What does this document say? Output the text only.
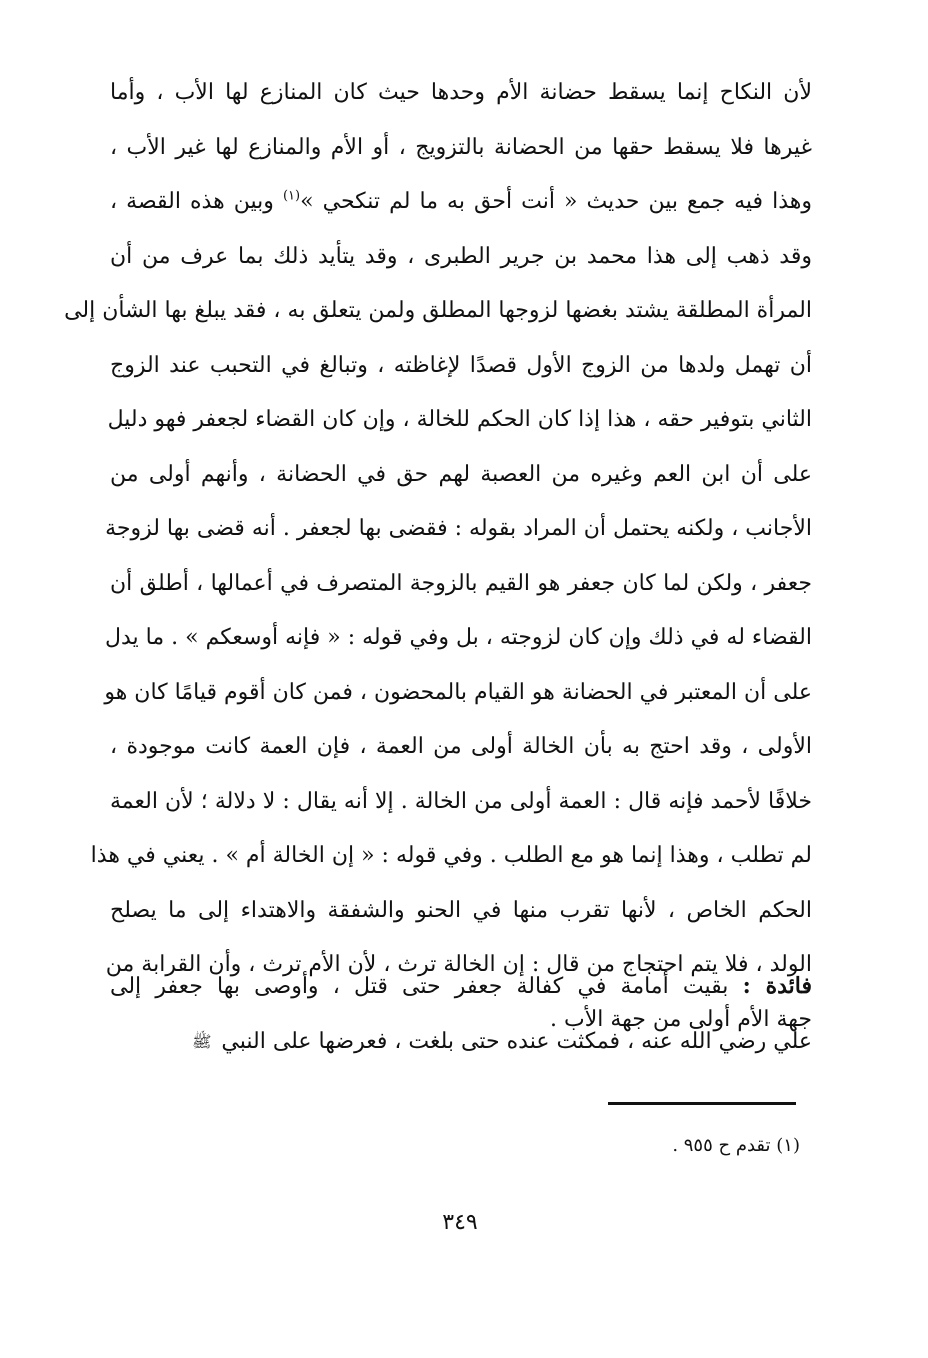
لأن النكاح إنما يسقط حضانة الأم وحدها حيث كان المنازع لها الأب ، وأما
غيرها فلا يسقط حقها من الحضانة بالتزويج ، أو الأم والمنازع لها غير الأب ،
وهذا فيه جمع بين حديث « أنت أحق به ما لم تنكحي »$^{(١)}$ وبين هذه القصة ،
وقد ذهب إلى هذا محمد بن جرير الطبرى ، وقد يتأيد ذلك بما عرف من أن
المرأة المطلقة يشتد بغضها لزوجها المطلق ولمن يتعلق به ، فقد يبلغ بها الشأن إلى
أن تهمل ولدها من الزوج الأول قصدًا لإغاظته ، وتبالغ في التحبب عند الزوج
الثاني بتوفير حقه ، هذا إذا كان الحكم للخالة ، وإن كان القضاء لجعفر فهو دليل
على أن ابن العم وغيره من العصبة لهم حق في الحضانة ، وأنهم أولى من
الأجانب ، ولكنه يحتمل أن المراد بقوله : فقضى بها لجعفر . أنه قضى بها لزوجة
جعفر ، ولكن لما كان جعفر هو القيم بالزوجة المتصرف في أعمالها ، أطلق أن
القضاء له في ذلك وإن كان لزوجته ، بل وفي قوله : « فإنه أوسعكم » . ما يدل
على أن المعتبر في الحضانة هو القيام بالمحضون ، فمن كان أقوم قيامًا كان هو
الأولى ، وقد احتج به بأن الخالة أولى من العمة ، فإن العمة كانت موجودة ،
خلافًا لأحمد فإنه قال : العمة أولى من الخالة . إلا أنه يقال : لا دلالة ؛ لأن العمة
لم تطلب ، وهذا إنما هو مع الطلب . وفي قوله : « إن الخالة أم » . يعني في هذا
الحكم الخاص ، لأنها تقرب منها في الحنو والشفقة والاهتداء إلى ما يصلح
الولد ، فلا يتم احتجاج من قال : إن الخالة ترث ، لأن الأم ترث ، وأن القرابة من
جهة الأم أولى من جهة الأب .
فائدة : بقيت أمامة في كفالة جعفر حتى قتل ، وأوصى بها جعفر إلى
علي رضي الله عنه ، فمكثت عنده حتى بلغت ، فعرضها على النبيﷺ
(١) تقدم ح ٩٥٥ .
٣٤٩
